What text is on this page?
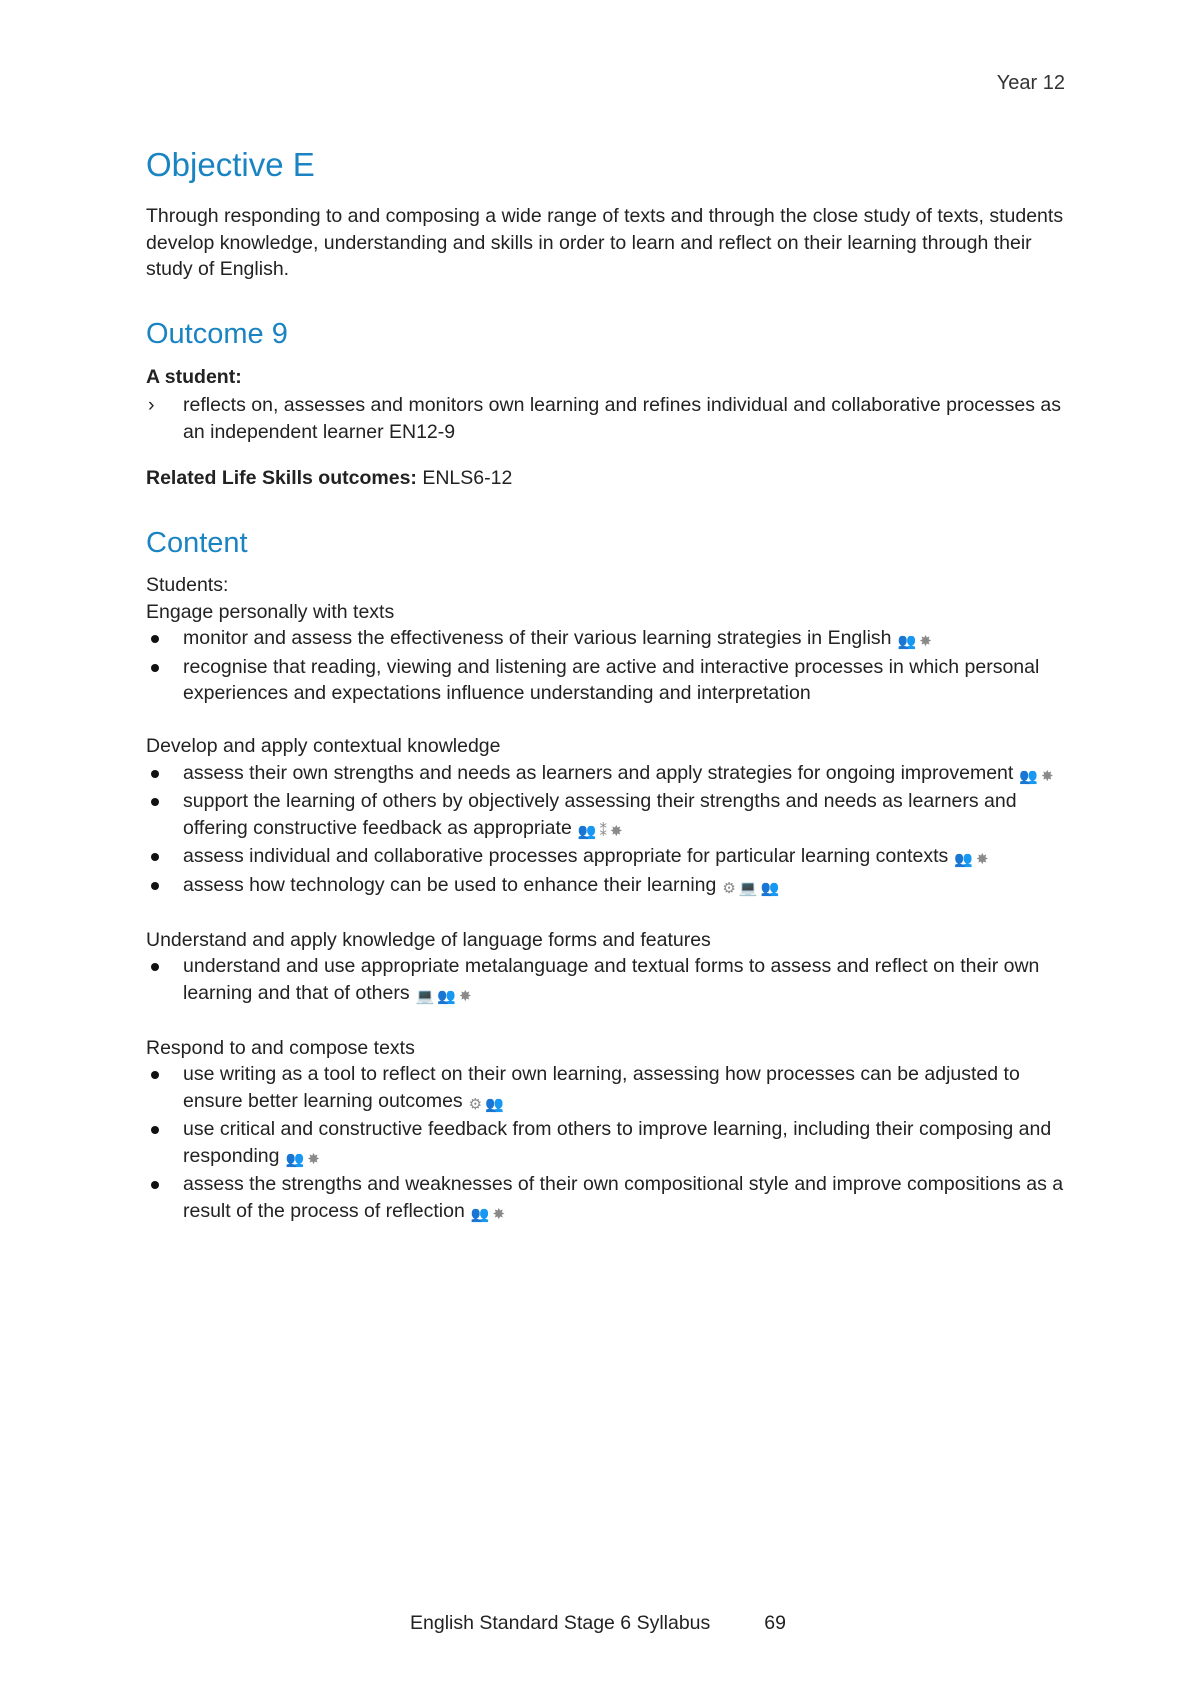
Year 12
Objective E

Through responding to and composing a wide range of texts and through the close study of texts, students develop knowledge, understanding and skills in order to learn and reflect on their learning through their study of English.

Outcome 9
A student:
› reflects on, assesses and monitors own learning and refines individual and collaborative processes as an independent learner EN12-9
Related Life Skills outcomes: ENLS6-12
Content

Students:

Engage personally with texts

monitor and assess the effectiveness of their various learning strategies in English 👥 ✸
recognise that reading, viewing and listening are active and interactive processes in which personal experiences and expectations influence understanding and interpretation

Develop and apply contextual knowledge

assess their own strengths and needs as learners and apply strategies for ongoing improvement 👥 ✸
support the learning of others by objectively assessing their strengths and needs as learners and offering constructive feedback as appropriate 👥 ⁑ ✸
assess individual and collaborative processes appropriate for particular learning contexts 👥 ✸
assess how technology can be used to enhance their learning ⚙ 💻 👥

Understand and apply knowledge of language forms and features

understand and use appropriate metalanguage and textual forms to assess and reflect on their own learning and that of others 💻 👥 ✸

Respond to and compose texts

use writing as a tool to reflect on their own learning, assessing how processes can be adjusted to ensure better learning outcomes ⚙ 👥
use critical and constructive feedback from others to improve learning, including their composing and responding 👥 ✸
assess the strengths and weaknesses of their own compositional style and improve compositions as a result of the process of reflection 👥 ✸
English Standard Stage 6 Syllabus	69
